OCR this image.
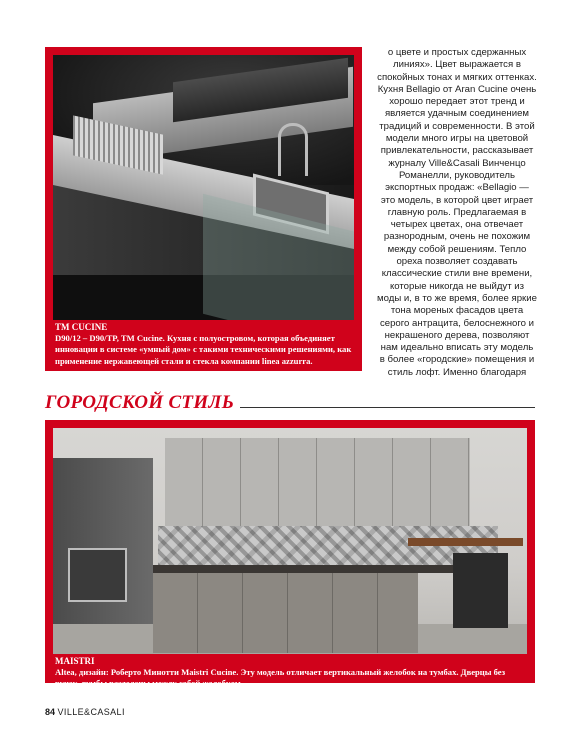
TM CUCINE
D90/12 – D90/TP, TM Cucine. Кухня с полуостровом, которая объединяет инновации в системе «умный дом» с такими техническими решениями, как применение нержавеющей стали и стекла компании linea azzurra.

о цвете и простых сдержанных линиях». Цвет выражается в спокойных тонах и мягких оттенках. Кухня Bellagio от Aran Cucine очень хорошо передает этот тренд и является удачным соединением традиций и современности. В этой модели много игры на цветовой привлекательности, рассказывает журналу Ville&Casali Винченцо Романелли, руководитель экспортных продаж: «Bellagio — это модель, в которой цвет играет главную роль. Предлагаемая в четырех цветах, она отвечает разнородным, очень не похожим между собой решениям. Тепло ореха позволяет создавать классические стили вне времени, которые никогда не выйдут из моды и, в то же время, более яркие тона мореных фасадов цвета серого антрацита, белоснежного и некрашеного дерева, позволяют нам идеально вписать эту модель в более «городские» помещения и стиль лофт. Именно благодаря

ГОРОДСКОЙ СТИЛЬ
MAISTRI
Altea, дизайн: Роберто Минотти Maistri Cucine. Эту модель отличает вертикальный желобок на тумбах. Дверцы без ручек, тумбы разделены между собой желобком.
84 VILLE&CASALI
